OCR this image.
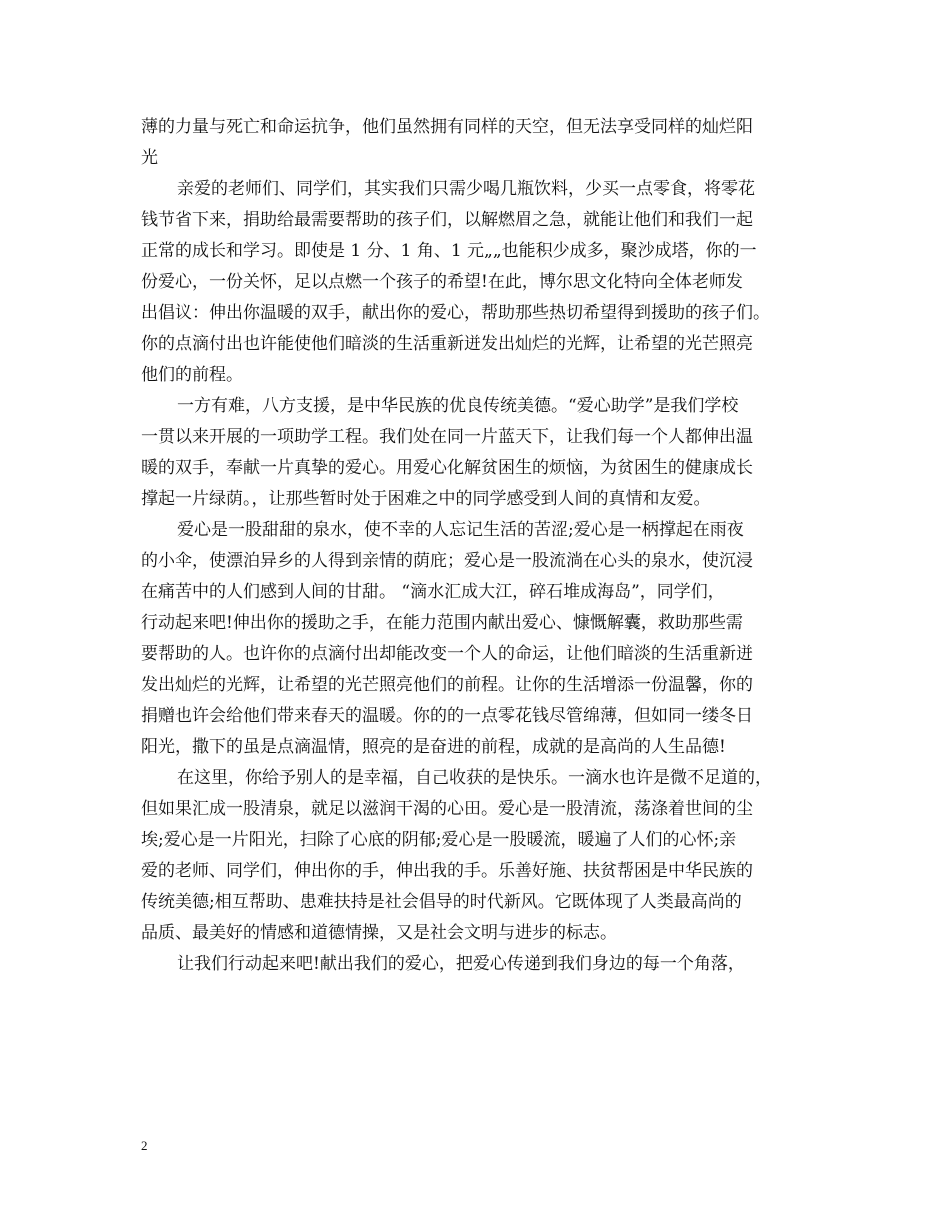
薄的力量与死亡和命运抗争，他们虽然拥有同样的天空，但无法享受同样的灿烂阳
光
亲爱的老师们、同学们，其实我们只需少喝几瓶饮料，少买一点零食，将零花
钱节省下来，捐助给最需要帮助的孩子们，以解燃眉之急，就能让他们和我们一起
正常的成长和学习。即使是 1 分、1 角、1 元„„也能积少成多，聚沙成塔，你的一
份爱心，一份关怀，足以点燃一个孩子的希望!在此，博尔思文化特向全体老师发
出倡议：伸出你温暖的双手，献出你的爱心，帮助那些热切希望得到援助的孩子们。
你的点滴付出也许能使他们暗淡的生活重新迸发出灿烂的光辉，让希望的光芒照亮
他们的前程。
一方有难，八方支援，是中华民族的优良传统美德。“爱心助学”是我们学校
一贯以来开展的一项助学工程。我们处在同一片蓝天下，让我们每一个人都伸出温
暖的双手，奉献一片真挚的爱心。用爱心化解贫困生的烦恼，为贫困生的健康成长
撑起一片绿荫。，让那些暂时处于困难之中的同学感受到人间的真情和友爱。
爱心是一股甜甜的泉水，使不幸的人忘记生活的苦涩;爱心是一柄撑起在雨夜
的小伞，使漂泊异乡的人得到亲情的荫庇；爱心是一股流淌在心头的泉水，使沉浸
在痛苦中的人们感到人间的甘甜。 “滴水汇成大江，碎石堆成海岛”，同学们，
行动起来吧!伸出你的援助之手，在能力范围内献出爱心、慷慨解囊，救助那些需
要帮助的人。也许你的点滴付出却能改变一个人的命运，让他们暗淡的生活重新迸
发出灿烂的光辉，让希望的光芒照亮他们的前程。让你的生活增添一份温馨，你的
捐赠也许会给他们带来春天的温暖。你的的一点零花钱尽管绵薄，但如同一缕冬日
阳光，撒下的虽是点滴温情，照亮的是奋进的前程，成就的是高尚的人生品德!
在这里，你给予别人的是幸福，自己收获的是快乐。一滴水也许是微不足道的，
但如果汇成一股清泉，就足以滋润干渴的心田。爱心是一股清流，荡涤着世间的尘
埃;爱心是一片阳光，扫除了心底的阴郁;爱心是一股暖流，暖遍了人们的心怀;亲
爱的老师、同学们，伸出你的手，伸出我的手。乐善好施、扶贫帮困是中华民族的
传统美德;相互帮助、患难扶持是社会倡导的时代新风。它既体现了人类最高尚的
品质、最美好的情感和道德情操，又是社会文明与进步的标志。
让我们行动起来吧!献出我们的爱心，把爱心传递到我们身边的每一个角落，
2
